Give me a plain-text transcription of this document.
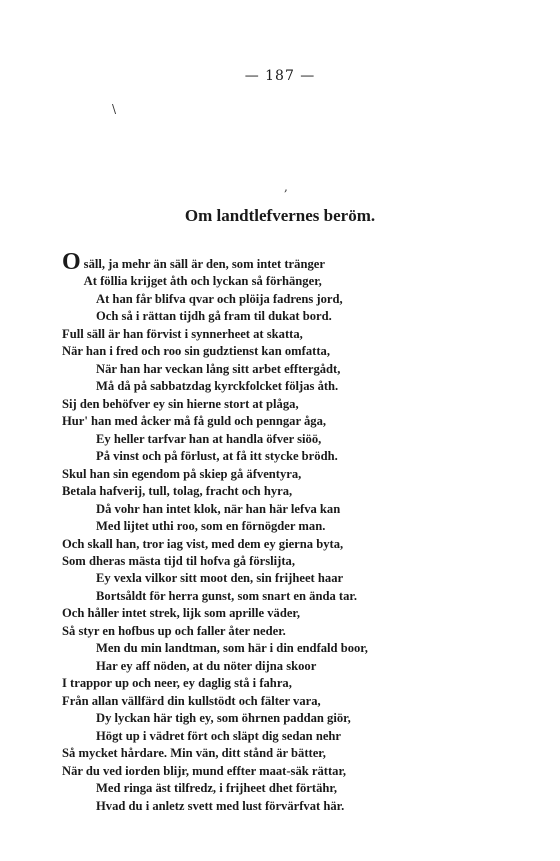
— 187 —
\
,
Om landtlefvernes beröm.
Osäll, ja mehr än säll är den, som intet tränger
At föllia krijget åth och lyckan så förhänger,
At han får blifva qvar och plöija fadrens jord,
Och så i rättan tijdh gå fram til dukat bord.
Full säll är han förvist i synnerheet at skatta,
När han i fred och roo sin gudztienst kan omfatta,
När han har veckan lång sitt arbet efftergådt,
Må då på sabbatzdag kyrckfolcket följas åth.
Sij den behöfver ey sin hierne stort at plåga,
Hur' han med åcker må få guld och penngar åga,
Ey heller tarfvar han at handla öfver siöö,
På vinst och på förlust, at få itt stycke brödh.
Skul han sin egendom på skiep gå äfventyra,
Betala hafverij, tull, tolag, fracht och hyra,
Då vohr han intet klok, när han här lefva kan
Med lijtet uthi roo, som en förnögder man.
Och skall han, tror iag vist, med dem ey gierna byta,
Som dheras mästa tijd til hofva gå förslijta,
Ey vexla vilkor sitt moot den, sin frijheet haar
Bortsåldt för herra gunst, som snart en ända tar.
Och håller intet strek, lijk som aprille väder,
Så styr en hofbus up och faller åter neder.
Men du min landtman, som här i din endfald boor,
Har ey aff nöden, at du nöter dijna skoor
I trappor up och neer, ey daglig stå i fahra,
Från allan vällfärd din kullstödt och fälter vara,
Dy lyckan här tigh ey, som öhrnen paddan giör,
Högt up i vädret fört och släpt dig sedan nehr
Så mycket hårdare. Min vän, ditt stånd är bätter,
När du ved iorden blijr, mund effter maat-säk rättar,
Med ringa äst tilfredz, i frijheet dhet förtähr,
Hvad du i anletz svett med lust förvärfvat här.
